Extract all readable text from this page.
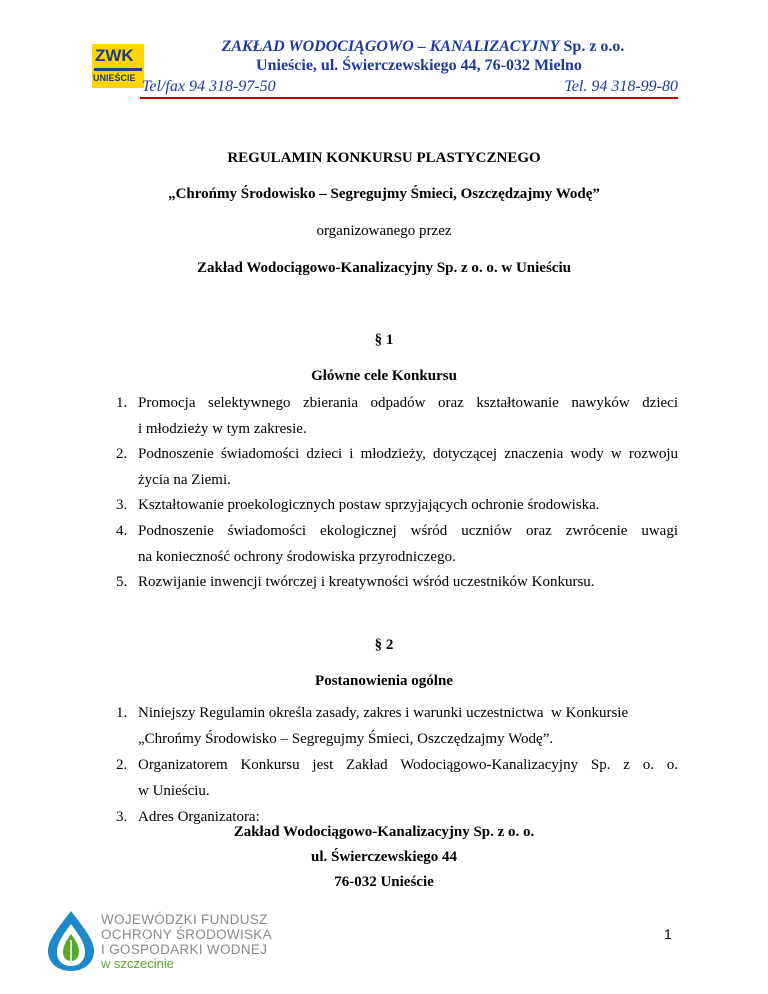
ZWK
UNIEŚCIE
ZAKŁAD WODOCIĄGOWO – KANALIZACYJNY Sp. z o.o.
Unieście, ul. Świerczewskiego 44, 76-032 Mielno
Tel/fax 94 318-97-50	Tel. 94 318-99-80
REGULAMIN KONKURSU PLASTYCZNEGO
„Chrońmy Środowisko – Segregujmy Śmieci, Oszczędzajmy Wodę”
organizowanego przez
Zakład Wodociągowo-Kanalizacyjny Sp. z o. o. w Unieściu
§ 1
Główne cele Konkursu
1. Promocja selektywnego zbierania odpadów oraz kształtowanie nawyków dzieci
i młodzieży w tym zakresie.
2. Podnoszenie świadomości dzieci i młodzieży, dotyczącej znaczenia wody w rozwoju
życia na Ziemi.
3. Kształtowanie proekologicznych postaw sprzyjających ochronie środowiska.
4. Podnoszenie świadomości ekologicznej wśród uczniów oraz zwrócenie uwagi
na konieczność ochrony środowiska przyrodniczego.
5. Rozwijanie inwencji twórczej i kreatywności wśród uczestników Konkursu.
§ 2
Postanowienia ogólne
1. Niniejszy Regulamin określa zasady, zakres i warunki uczestnictwa  w Konkursie
„Chrońmy Środowisko – Segregujmy Śmieci, Oszczędzajmy Wodę”.
2. Organizatorem Konkursu jest Zakład Wodociągowo-Kanalizacyjny Sp. z o. o.
w Unieściu.
3. Adres Organizatora:
Zakład Wodociągowo-Kanalizacyjny Sp. z o. o.
ul. Świerczewskiego 44
76-032 Unieście
WOJEWÓDZKI FUNDUSZ
OCHRONY ŚRODOWISKA
I GOSPODARKI WODNEJ
w szczecinie
1
